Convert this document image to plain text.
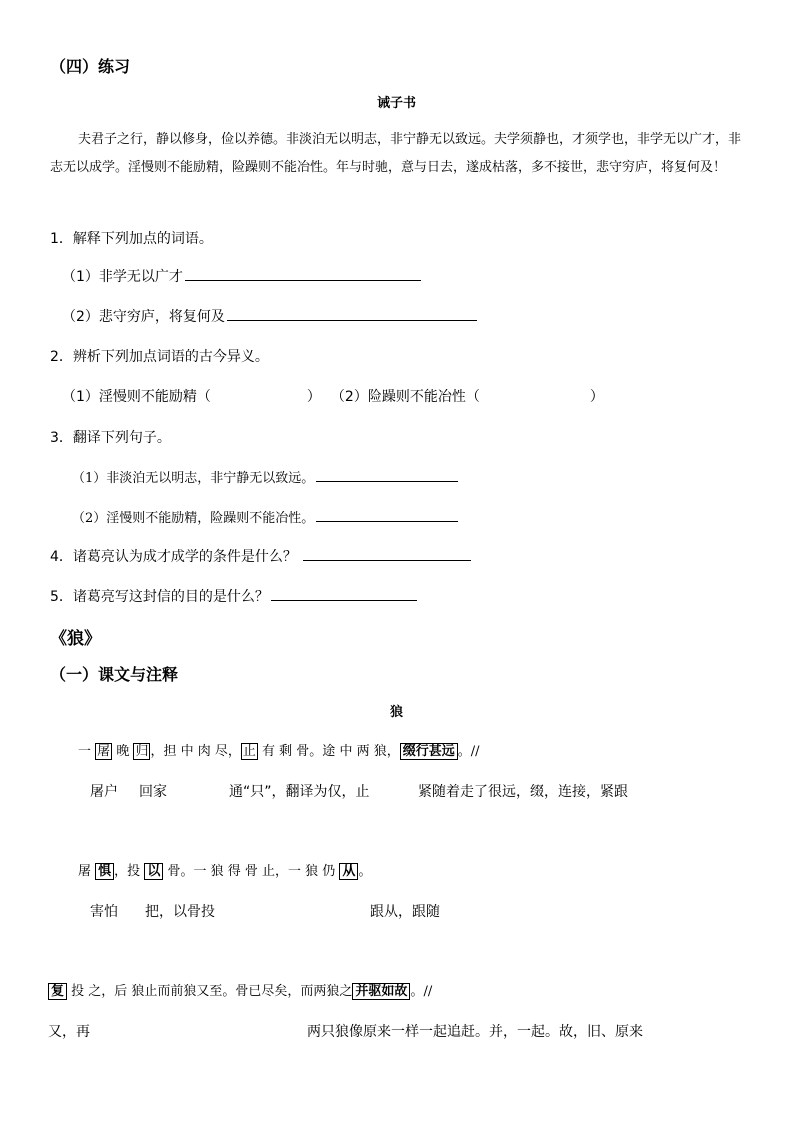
（四）练习
诫子书
夫君子之行，静以修身，俭以养德。非淡泊无以明志，非宁静无以致远。夫学须静也，才须学也，非学无以广才，非志无以成学。淫慢则不能励精，险躁则不能冶性。年与时驰，意与日去，遂成枯落，多不接世，悲守穷庐，将复何及！
1．解释下列加点的词语。
（1）非学无以广才
（2）悲守穷庐，将复何及
2．辨析下列加点词语的古今异义。
（1）淫慢则不能励精（	） （2）险躁则不能冶性（	）
3．翻译下列句子。
（1）非淡泊无以明志，非宁静无以致远。
（2）淫慢则不能励精，险躁则不能冶性。
4．诸葛亮认为成才成学的条件是什么？
5．诸葛亮写这封信的目的是什么？
《狼》
（一）课文与注释
狼
一 屠 晚 归 ，担 中 肉 尽， 止 有 剩 骨。途 中 两 狼， 缀行甚远 。//
屠户 回家	通“只”，翻译为仅，止	紧随着走了很远，缀，连接，紧跟
屠 惧 ，投 以 骨。一 狼 得 骨 止，一 狼 仍 从 。
害怕 把，以骨投	跟从，跟随
复 投 之，后 狼止而前狼又至。骨已尽矣，而两狼之 并驱如故 。//
又，再	两只狼像原来一样一起追赶。并，一起。故，旧、原来
